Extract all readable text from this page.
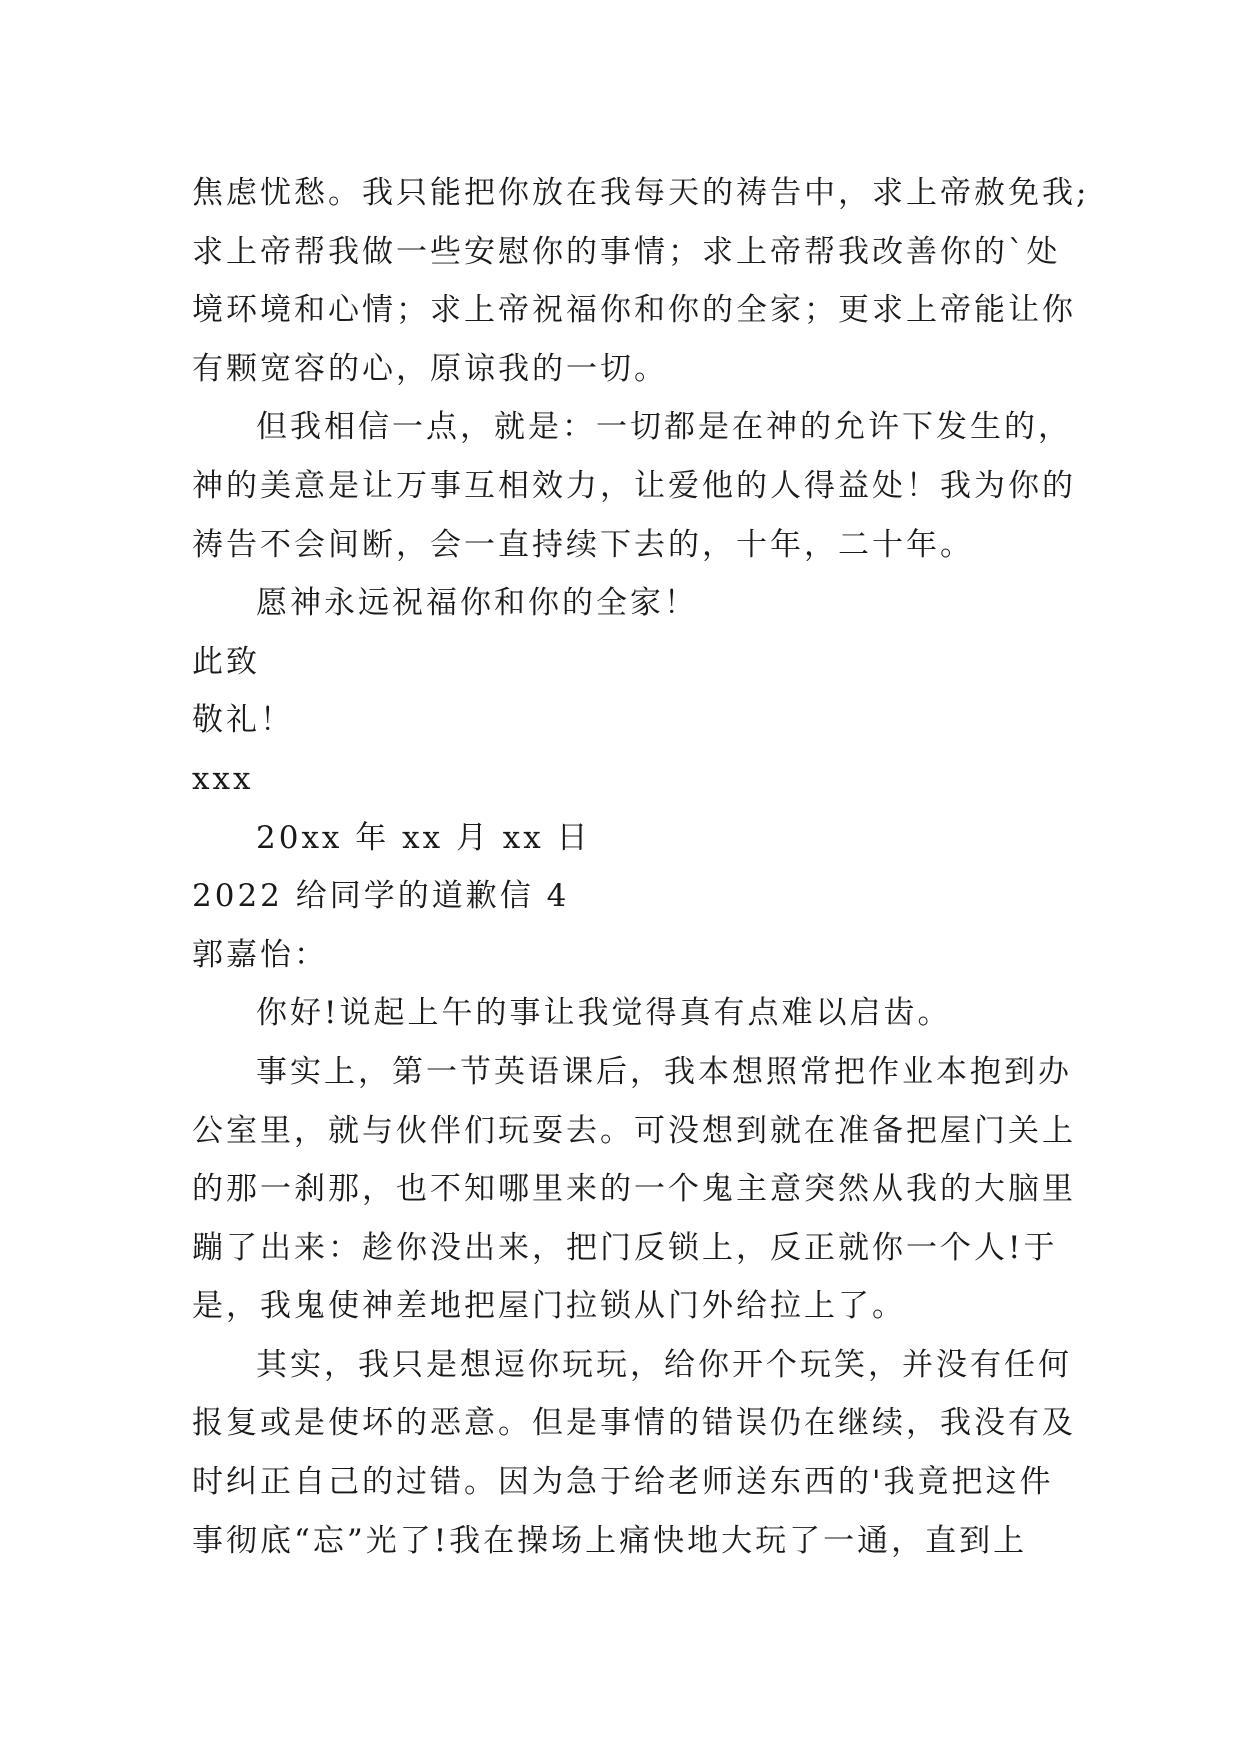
焦虑忧愁。我只能把你放在我每天的祷告中，求上帝赦免我;

求上帝帮我做一些安慰你的事情；求上帝帮我改善你的`处

境环境和心情；求上帝祝福你和你的全家；更求上帝能让你

有颗宽容的心，原谅我的一切。

但我相信一点，就是：一切都是在神的允许下发生的，

神的美意是让万事互相效力，让爱他的人得益处！我为你的

祷告不会间断，会一直持续下去的，十年，二十年。

愿神永远祝福你和你的全家！

此致

敬礼！

xxx

20xx 年 xx 月 xx 日

2022 给同学的道歉信 4

郭嘉怡：

你好!说起上午的事让我觉得真有点难以启齿。

事实上，第一节英语课后，我本想照常把作业本抱到办

公室里，就与伙伴们玩耍去。可没想到就在准备把屋门关上

的那一刹那，也不知哪里来的一个鬼主意突然从我的大脑里

蹦了出来：趁你没出来，把门反锁上，反正就你一个人!于

是，我鬼使神差地把屋门拉锁从门外给拉上了。

其实，我只是想逗你玩玩，给你开个玩笑，并没有任何

报复或是使坏的恶意。但是事情的错误仍在继续，我没有及

时纠正自己的过错。因为急于给老师送东西的'我竟把这件

事彻底“忘”光了!我在操场上痛快地大玩了一通，直到上
